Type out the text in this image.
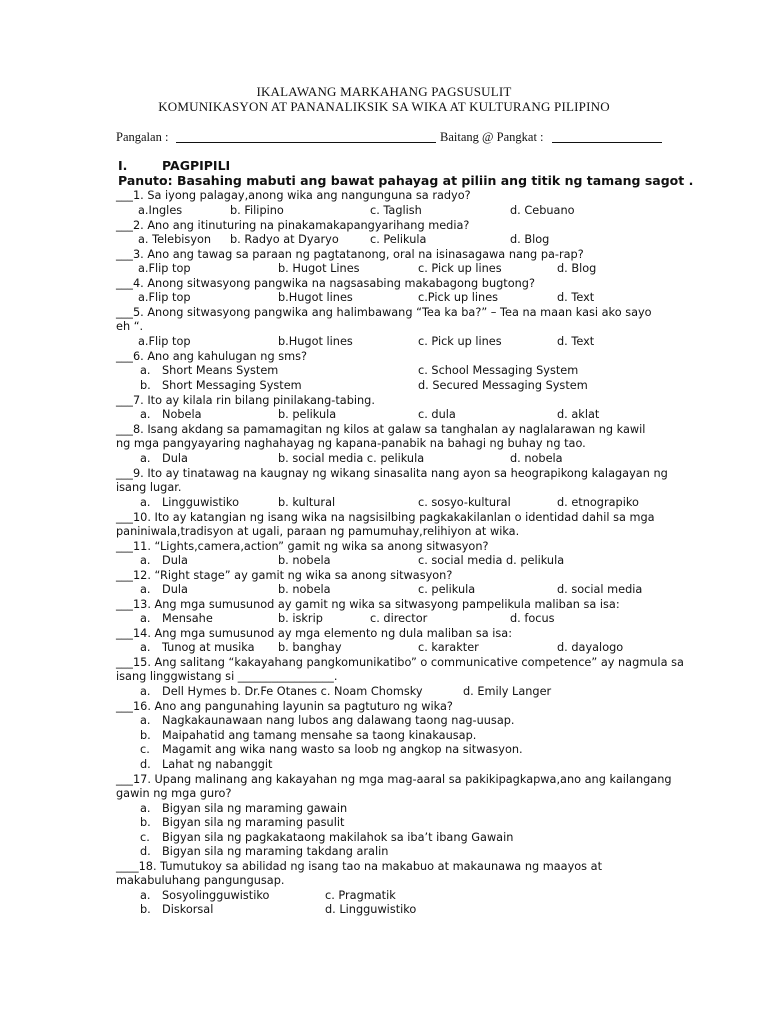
IKALAWANG MARKAHANG PAGSUSULIT
KOMUNIKASYON AT PANANALIKSIK SA WIKA AT KULTURANG PILIPINO
Pangalan :	Baitang @ Pangkat :
I.	PAGPIPILI
Panuto: Basahing mabuti ang bawat pahayag at piliin ang titik ng tamang sagot .
___1. Sa iyong palagay,anong wika ang nangunguna sa radyo?
a.Ingles	b. Filipino	c. Taglish	d. Cebuano
___2. Ano ang itinuturing na pinakamakapangyarihang media?
a. Telebisyon b. Radyo at Dyaryo	c. Pelikula	d. Blog
___3. Ano ang tawag sa paraan ng pagtatanong, oral na isinasagawa nang pa-rap?
a.Flip top	b. Hugot Lines	c. Pick up lines	d. Blog
___4. Anong sitwasyong pangwika na nagsasabing makabagong bugtong?
a.Flip top	b.Hugot lines	c.Pick up lines	d. Text
___5. Anong sitwasyong pangwika ang halimbawang “Tea ka ba?” – Tea na maan kasi ako sayo
eh “.
a.Flip top	b.Hugot lines	c. Pick up lines	d. Text
___6. Ano ang kahulugan ng sms?
a. Short Means System	c. School Messaging System
b. Short Messaging System	d. Secured Messaging System
___7. Ito ay kilala rin bilang pinilakang-tabing.
a. Nobela	b. pelikula	c. dula	d. aklat
___8. Isang akdang sa pamamagitan ng kilos at galaw sa tanghalan ay naglalarawan ng kawil
ng mga pangyayaring naghahayag ng kapana-panabik na bahagi ng buhay ng tao.
a. Dula	b. social media c. pelikula	d. nobela
___9. Ito ay tinatawag na kaugnay ng wikang sinasalita nang ayon sa heograpikong kalagayan ng
isang lugar.
a. Lingguwistiko	b. kultural	c. sosyo-kultural	d. etnograpiko
___10. Ito ay katangian ng isang wika na nagsisilbing pagkakakilanlan o identidad dahil sa mga
paniniwala,tradisyon at ugali, paraan ng pamumuhay,relihiyon at wika.
___11. “Lights,camera,action” gamit ng wika sa anong sitwasyon?
a. Dula	b. nobela	c. social media d. pelikula
___12. “Right stage” ay gamit ng wika sa anong sitwasyon?
a. Dula	b. nobela	c. pelikula	d. social media
___13. Ang mga sumusunod ay gamit ng wika sa sitwasyong pampelikula maliban sa isa:
a. Mensahe	b. iskrip	c. director	d. focus
___14. Ang mga sumusunod ay mga elemento ng dula maliban sa isa:
a. Tunog at musika b. banghay	c. karakter	d. dayalogo
___15. Ang salitang “kakayahang pangkomunikatibo” o communicative competence” ay nagmula sa
isang linggwistang si _________________.
a. Dell Hymes b. Dr.Fe Otanes c. Noam Chomsky	d. Emily Langer
___16. Ano ang pangunahing layunin sa pagtuturo ng wika?
a. Nagkakaunawaan nang lubos ang dalawang taong nag-uusap.
b. Maipahatid ang tamang mensahe sa taong kinakausap.
c. Magamit ang wika nang wasto sa loob ng angkop na sitwasyon.
d. Lahat ng nabanggit
___17. Upang malinang ang kakayahan ng mga mag-aaral sa pakikipagkapwa,ano ang kailangang
gawin ng mga guro?
a. Bigyan sila ng maraming gawain
b. Bigyan sila ng maraming pasulit
c. Bigyan sila ng pagkakataong makilahok sa iba’t ibang Gawain
d. Bigyan sila ng maraming takdang aralin
____18. Tumutukoy sa abilidad ng isang tao na makabuo at makaunawa ng maayos at
makabuluhang pangungusap.
a. Sosyolingguwistiko	c. Pragmatik
b. Diskorsal	d. Lingguwistiko
